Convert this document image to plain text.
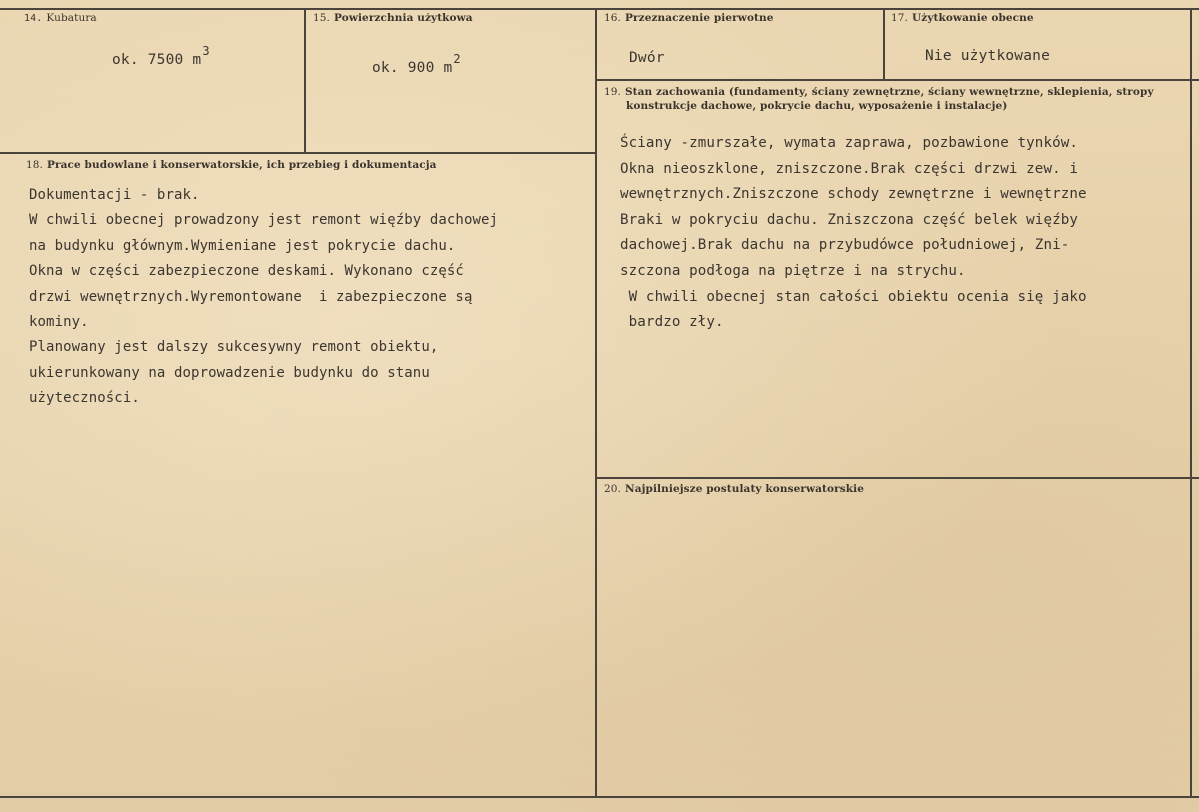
14. Kubatura
ok. 7500 $m^3$
15. Powierzchnia użytkowa
ok. 900 $m^2$
16. Przeznaczenie pierwotne
Dwór
17. Użytkowanie obecne
Nie użytkowane
19. Stan zachowania (fundamenty, ściany zewnętrzne, ściany wewnętrzne, sklepienia, stropy
konstrukcje dachowe, pokrycie dachu, wyposażenie i instalacje)
Ściany -zmurszałe, wymata zaprawa, pozbawione tynków.
Okna nieoszklone, zniszczone.Brak części drzwi zew. i
wewnętrznych.Zniszczone schody zewnętrzne i wewnętrzne
Braki w pokryciu dachu. Zniszczona część belek więźby
dachowej.Brak dachu na przybudówce południowej, Zni-
szczona podłoga na piętrze i na strychu.
W chwili obecnej stan całości obiektu ocenia się jako
bardzo zły.
18. Prace budowlane i konserwatorskie, ich przebieg i dokumentacja
Dokumentacji - brak.
W chwili obecnej prowadzony jest remont więźby dachowej
na budynku głównym.Wymieniane jest pokrycie dachu.
Okna w części zabezpieczone deskami. Wykonano część
drzwi wewnętrznych.Wyremontowane  i zabezpieczone są
kominy.
Planowany jest dalszy sukcesywny remont obiektu,
ukierunkowany na doprowadzenie budynku do stanu
użyteczności.
20. Najpilniejsze postulaty konserwatorskie
